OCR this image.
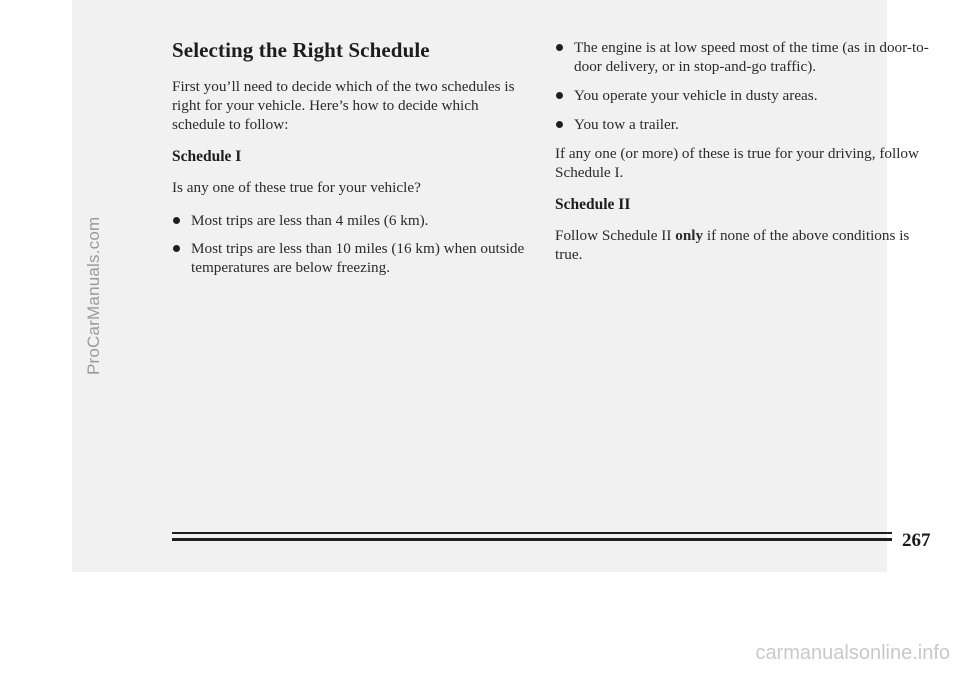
Selecting the Right Schedule

First you’ll need to decide which of the two schedules is right for your vehicle. Here’s how to decide which schedule to follow:

Schedule I

Is any one of these true for your vehicle?

Most trips are less than 4 miles (6 km).
Most trips are less than 10 miles (16 km) when outside temperatures are below freezing.
The engine is at low speed most of the time (as in door-to-door delivery, or in stop-and-go traffic).
You operate your vehicle in dusty areas.
You tow a trailer.

If any one (or more) of these is true for your driving, follow Schedule I.

Schedule II

Follow Schedule II only if none of the above conditions is true.

267
ProCarManuals.com
carmanualsonline.info
